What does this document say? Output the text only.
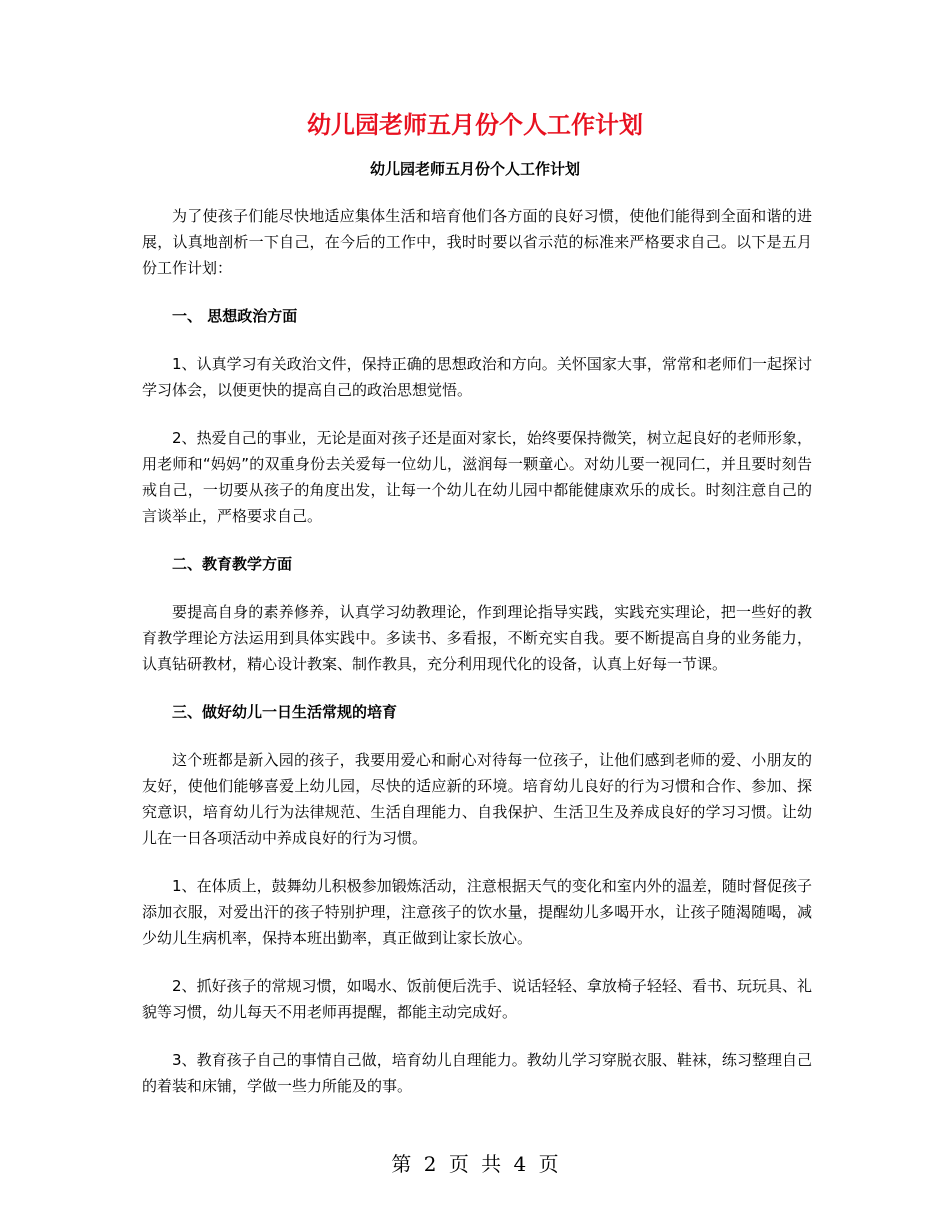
幼儿园老师五月份个人工作计划
幼儿园老师五月份个人工作计划

为了使孩子们能尽快地适应集体生活和培育他们各方面的良好习惯，使他们能得到全面和谐的进展，认真地剖析一下自己，在今后的工作中，我时时要以省示范的标准来严格要求自己。以下是五月份工作计划：

一、 思想政治方面

1、认真学习有关政治文件，保持正确的思想政治和方向。关怀国家大事，常常和老师们一起探讨学习体会，以便更快的提高自己的政治思想觉悟。

2、热爱自己的事业，无论是面对孩子还是面对家长，始终要保持微笑，树立起良好的老师形象，用老师和“妈妈”的双重身份去关爱每一位幼儿，滋润每一颗童心。对幼儿要一视同仁，并且要时刻告戒自己，一切要从孩子的角度出发，让每一个幼儿在幼儿园中都能健康欢乐的成长。时刻注意自己的言谈举止，严格要求自己。

二、教育教学方面

要提高自身的素养修养，认真学习幼教理论，作到理论指导实践，实践充实理论，把一些好的教育教学理论方法运用到具体实践中。多读书、多看报，不断充实自我。要不断提高自身的业务能力，认真钻研教材，精心设计教案、制作教具，充分利用现代化的设备，认真上好每一节课。

三、做好幼儿一日生活常规的培育

这个班都是新入园的孩子，我要用爱心和耐心对待每一位孩子，让他们感到老师的爱、小朋友的友好，使他们能够喜爱上幼儿园，尽快的适应新的环境。培育幼儿良好的行为习惯和合作、参加、探究意识，培育幼儿行为法律规范、生活自理能力、自我保护、生活卫生及养成良好的学习习惯。让幼儿在一日各项活动中养成良好的行为习惯。

1、在体质上，鼓舞幼儿积极参加锻炼活动，注意根据天气的变化和室内外的温差，随时督促孩子添加衣服，对爱出汗的孩子特别护理，注意孩子的饮水量，提醒幼儿多喝开水，让孩子随渴随喝，减少幼儿生病机率，保持本班出勤率，真正做到让家长放心。

2、抓好孩子的常规习惯，如喝水、饭前便后洗手、说话轻轻、拿放椅子轻轻、看书、玩玩具、礼貌等习惯，幼儿每天不用老师再提醒，都能主动完成好。

3、教育孩子自己的事情自己做，培育幼儿自理能力。教幼儿学习穿脱衣服、鞋袜，练习整理自己的着装和床铺，学做一些力所能及的事。

第 2 页 共 4 页
